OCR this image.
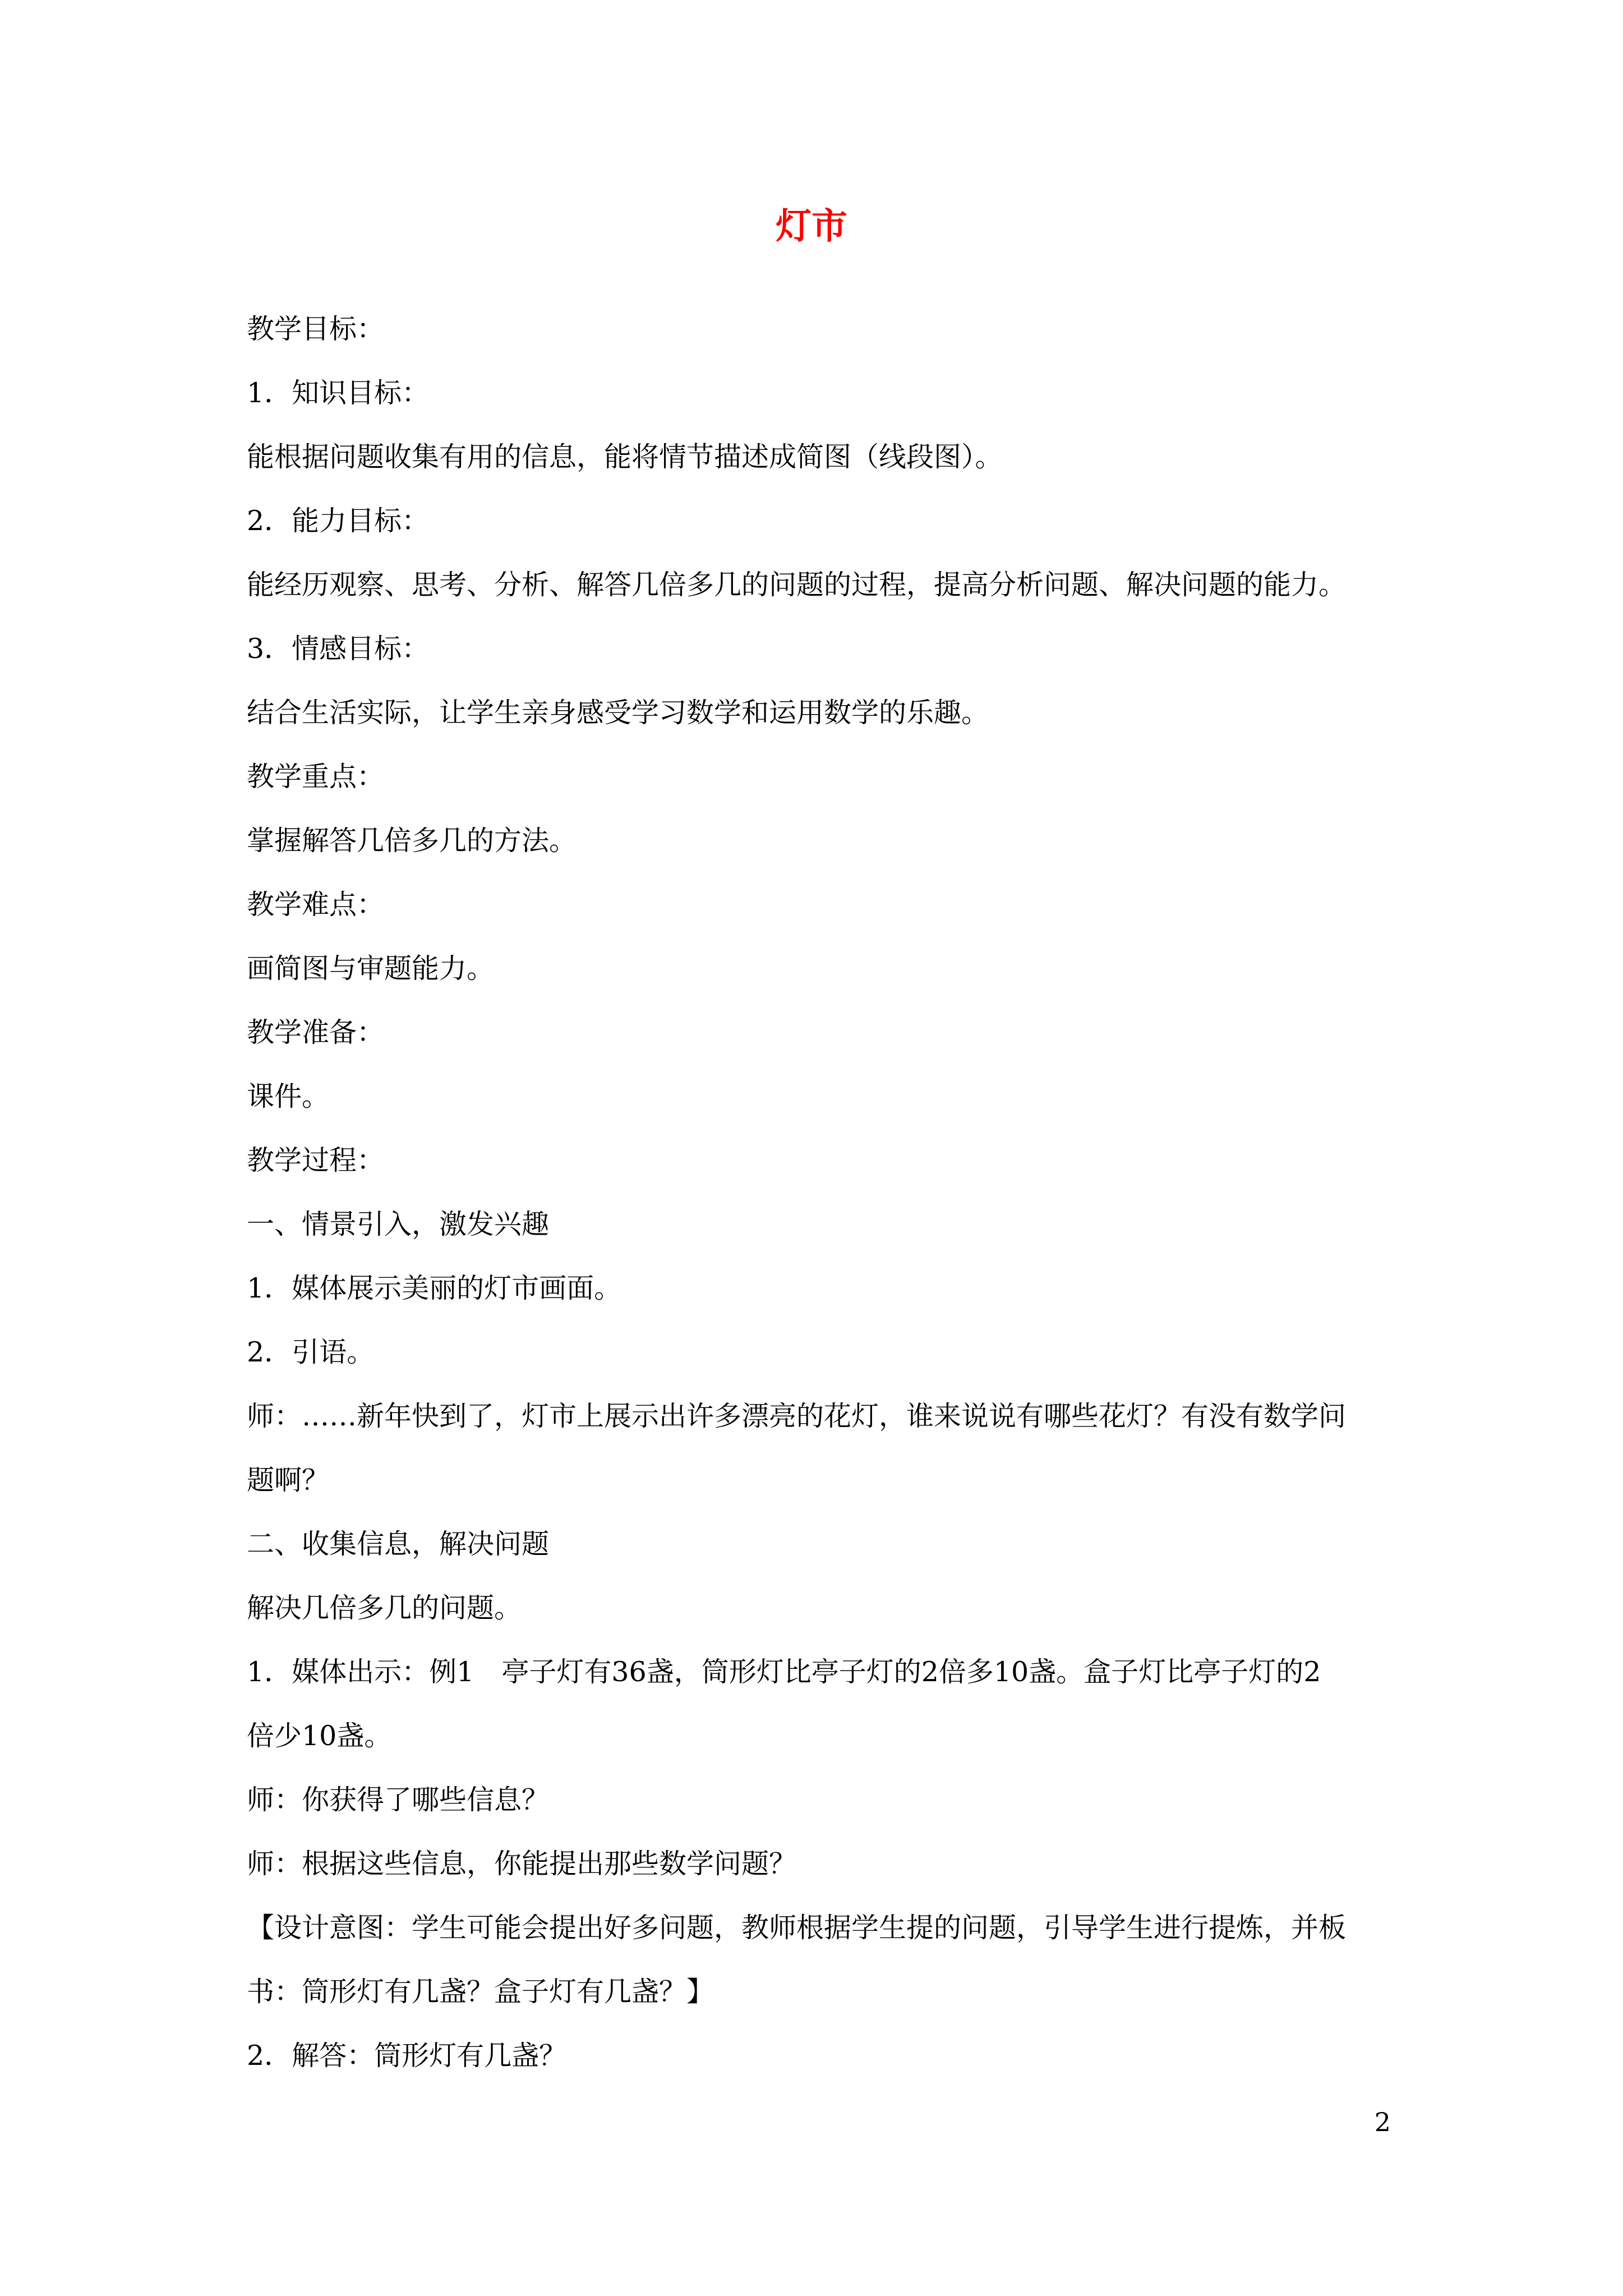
灯市
教学目标：
1．知识目标：
能根据问题收集有用的信息，能将情节描述成简图（线段图）。
2．能力目标：
能经历观察、思考、分析、解答几倍多几的问题的过程，提高分析问题、解决问题的能力。
3．情感目标：
结合生活实际，让学生亲身感受学习数学和运用数学的乐趣。
教学重点：
掌握解答几倍多几的方法。
教学难点：
画简图与审题能力。
教学准备：
课件。
教学过程：
一、情景引入，激发兴趣
1．媒体展示美丽的灯市画面。
2．引语。
师：……新年快到了，灯市上展示出许多漂亮的花灯，谁来说说有哪些花灯？有没有数学问
题啊？
二、收集信息，解决问题
解决几倍多几的问题。
1．媒体出示：例1　亭子灯有36盏，筒形灯比亭子灯的2倍多10盏。盒子灯比亭子灯的2
倍少10盏。
师：你获得了哪些信息？
师：根据这些信息，你能提出那些数学问题？
【设计意图：学生可能会提出好多问题，教师根据学生提的问题，引导学生进行提炼，并板
书：筒形灯有几盏？盒子灯有几盏？】
2．解答：筒形灯有几盏？
2
